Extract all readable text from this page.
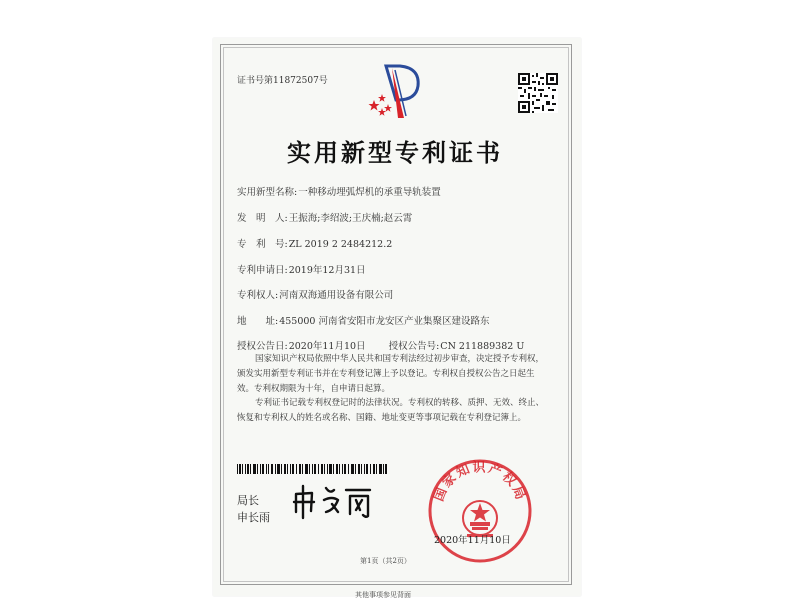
证书号第11872507号
实用新型专利证书
实用新型名称:一种移动埋弧焊机的承重导轨装置
发　明　人:王振海;李绍波;王庆楠;赵云霄
专　利　号:ZL 2019 2 2484212.2
专利申请日:2019年12月31日
专利权人:河南双海通用设备有限公司
地　　址:455000 河南省安阳市龙安区产业集聚区建设路东
授权公告日:2020年11月10日 授权公告号:CN 211889382 U
国家知识产权局依照中华人民共和国专利法经过初步审查，决定授予专利权，颁发实用新型专利证书并在专利登记簿上予以登记。专利权自授权公告之日起生效。专利权期限为十年，自申请日起算。
专利证书记载专利权登记时的法律状况。专利权的转移、质押、无效、终止、恢复和专利权人的姓名或名称、国籍、地址变更等事项记载在专利登记簿上。
局长
申长雨
国家知识产权局
2020年11月10日
第1页（共2页）
其他事项参见背面
